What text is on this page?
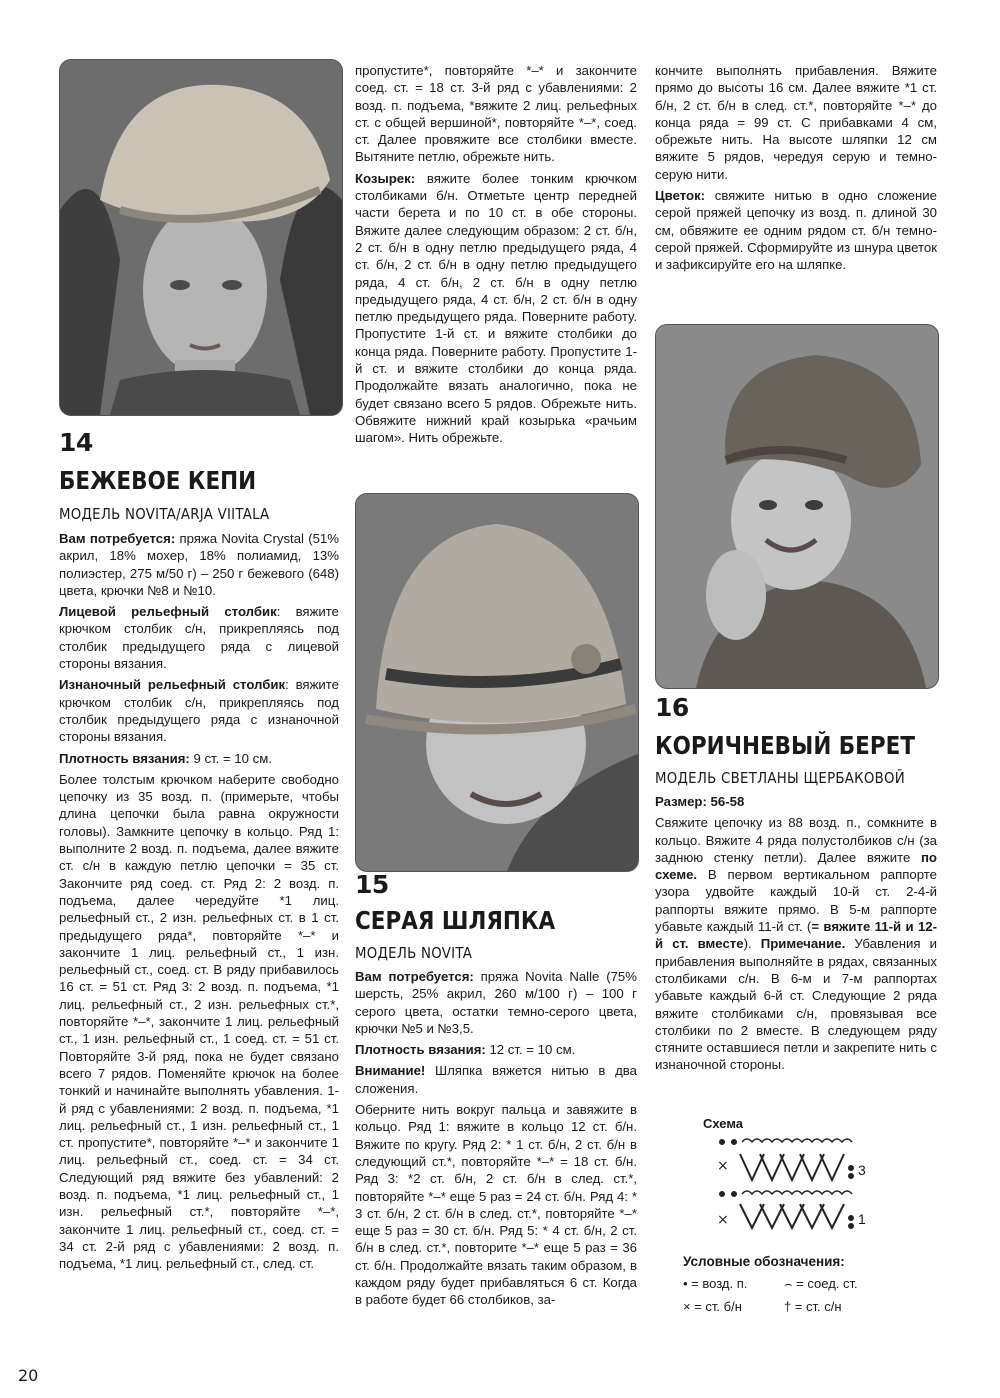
14
БЕЖЕВОЕ КЕПИ
МОДЕЛЬ NOVITA/ARJA VIITALA

Вам потребуется: пряжа Novita Crystal (51% акрил, 18% мохер, 18% полиамид, 13% полиэстер, 275 м/50 г) – 250 г бежевого (648) цвета, крючки №8 и №10.

Лицевой рельефный столбик: вяжите крючком столбик с/н, прикрепляясь под столбик предыдущего ряда с лицевой стороны вязания.

Изнаночный рельефный столбик: вяжите крючком столбик с/н, прикрепляясь под столбик предыдущего ряда с изнаночной стороны вязания.

Плотность вязания: 9 ст. = 10 см.

Более толстым крючком наберите свободно цепочку из 35 возд. п. (примерьте, чтобы длина цепочки была равна окружности головы). Замкните цепочку в кольцо. Ряд 1: выполните 2 возд. п. подъема, далее вяжите ст. с/н в каждую петлю цепочки = 35 ст. Закончите ряд соед. ст. Ряд 2: 2 возд. п. подъема, далее чередуйте *1 лиц. рельефный ст., 2 изн. рельефных ст. в 1 ст. предыдущего ряда*, повторяйте *–* и закончите 1 лиц. рельефный ст., 1 изн. рельефный ст., соед. ст. В ряду прибавилось 16 ст. = 51 ст. Ряд 3: 2 возд. п. подъема, *1 лиц. рельефный ст., 2 изн. рельефных ст.*, повторяйте *–*, закончите 1 лиц. рельефный ст., 1 изн. рельефный ст., 1 соед. ст. = 51 ст. Повторяйте 3-й ряд, пока не будет связано всего 7 рядов. Поменяйте крючок на более тонкий и начинайте выполнять убавления. 1-й ряд с убавлениями: 2 возд. п. подъема, *1 лиц. рельефный ст., 1 изн. рельефный ст., 1 ст. пропустите*, повторяйте *–* и закончите 1 лиц. рельефный ст., соед. ст. = 34 ст. Следующий ряд вяжите без убавлений: 2 возд. п. подъема, *1 лиц. рельефный ст., 1 изн. рельефный ст.*, повторяйте *–*, закончите 1 лиц. рельефный ст., соед. ст. = 34 ст. 2-й ряд с убавлениями: 2 возд. п. подъема, *1 лиц. рельефный ст., след. ст.

пропустите*, повторяйте *–* и закончите соед. ст. = 18 ст. 3-й ряд с убавлениями: 2 возд. п. подъема, *вяжите 2 лиц. рельефных ст. с общей вершиной*, повторяйте *–*, соед. ст. Далее провяжите все столбики вместе. Вытяните петлю, обрежьте нить.

Козырек: вяжите более тонким крючком столбиками б/н. Отметьте центр передней части берета и по 10 ст. в обе стороны. Вяжите далее следующим образом: 2 ст. б/н, 2 ст. б/н в одну петлю предыдущего ряда, 4 ст. б/н, 2 ст. б/н в одну петлю предыдущего ряда, 4 ст. б/н, 2 ст. б/н в одну петлю предыдущего ряда, 4 ст. б/н, 2 ст. б/н в одну петлю предыдущего ряда. Поверните работу. Пропустите 1-й ст. и вяжите столбики до конца ряда. Поверните работу. Пропустите 1-й ст. и вяжите столбики до конца ряда. Продолжайте вязать аналогично, пока не будет связано всего 5 рядов. Обрежьте нить. Обвяжите нижний край козырька «рачьим шагом». Нить обрежьте.

15
СЕРАЯ ШЛЯПКА
МОДЕЛЬ NOVITA

Вам потребуется: пряжа Novita Nalle (75% шерсть, 25% акрил, 260 м/100 г) – 100 г серого цвета, остатки темно-серого цвета, крючки №5 и №3,5.

Плотность вязания: 12 ст. = 10 см.

Внимание! Шляпка вяжется нитью в два сложения.

Оберните нить вокруг пальца и завяжите в кольцо. Ряд 1: вяжите в кольцо 12 ст. б/н. Вяжите по кругу. Ряд 2: * 1 ст. б/н, 2 ст. б/н в следующий ст.*, повторяйте *–* = 18 ст. б/н. Ряд 3: *2 ст. б/н, 2 ст. б/н в след. ст.*, повторяйте *–* еще 5 раз = 24 ст. б/н. Ряд 4: * 3 ст. б/н, 2 ст. б/н в след. ст.*, повторяйте *–* еще 5 раз = 30 ст. б/н. Ряд 5: * 4 ст. б/н, 2 ст. б/н в след. ст.*, повторите *–* еще 5 раз = 36 ст. б/н. Продолжайте вязать таким образом, в каждом ряду будет прибавляться 6 ст. Когда в работе будет 66 столбиков, за-

кончите выполнять прибавления. Вяжите прямо до высоты 16 см. Далее вяжите *1 ст. б/н, 2 ст. б/н в след. ст.*, повторяйте *–* до конца ряда = 99 ст. С прибавками 4 см, обрежьте нить. На высоте шляпки 12 см вяжите 5 рядов, чередуя серую и темно-серую нити.

Цветок: свяжите нитью в одно сложение серой пряжей цепочку из возд. п. длиной 30 см, обвяжите ее одним рядом ст. б/н темно-серой пряжей. Сформируйте из шнура цветок и зафиксируйте его на шляпке.

16
КОРИЧНЕВЫЙ БЕРЕТ
МОДЕЛЬ СВЕТЛАНЫ ЩЕРБАКОВОЙ

Размер: 56-58

Свяжите цепочку из 88 возд. п., сомкните в кольцо. Вяжите 4 ряда полустолбиков с/н (за заднюю стенку петли). Далее вяжите по схеме. В первом вертикальном раппорте узора удвойте каждый 10-й ст. 2-4-й раппорты вяжите прямо. В 5-м раппорте убавьте каждый 11-й ст. (= вяжите 11-й и 12-й ст. вместе). Примечание. Убавления и прибавления выполняйте в рядах, связанных столбиками с/н. В 6-м и 7-м раппортах убавьте каждый 6-й ст. Следующие 2 ряда вяжите столбиками с/н, провязывая все столбики по 2 вместе. В следующем ряду стяните оставшиеся петли и закрепите нить с изнаночной стороны.

Схема
×
×
3
1
Условные обозначения:
• = возд. п.	⌢ = соед. ст.
× = ст. б/н	† = ст. с/н
20
